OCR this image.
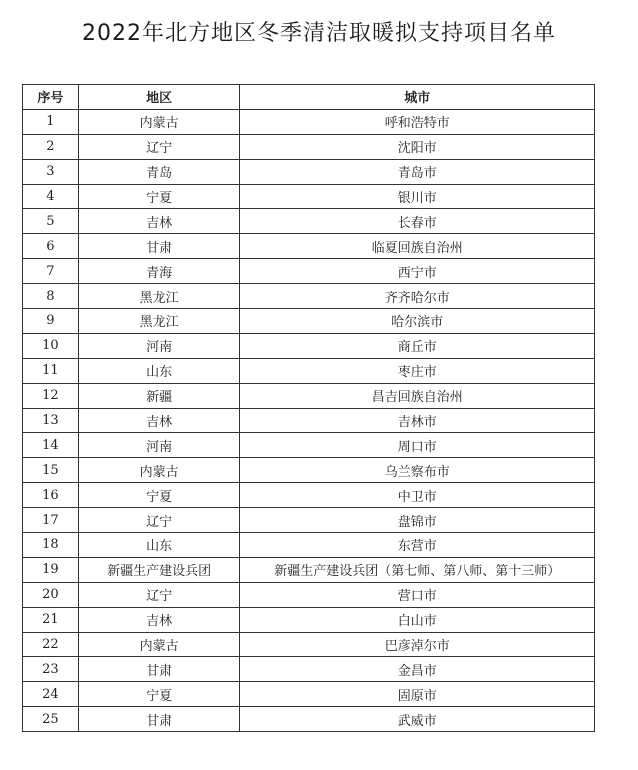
2022年北方地区冬季清洁取暖拟支持项目名单
序号	地区	城市
1	内蒙古	呼和浩特市
2	辽宁	沈阳市
3	青岛	青岛市
4	宁夏	银川市
5	吉林	长春市
6	甘肃	临夏回族自治州
7	青海	西宁市
8	黑龙江	齐齐哈尔市
9	黑龙江	哈尔滨市
10	河南	商丘市
11	山东	枣庄市
12	新疆	昌吉回族自治州
13	吉林	吉林市
14	河南	周口市
15	内蒙古	乌兰察布市
16	宁夏	中卫市
17	辽宁	盘锦市
18	山东	东营市
19	新疆生产建设兵团	新疆生产建设兵团（第七师、第八师、第十三师）
20	辽宁	营口市
21	吉林	白山市
22	内蒙古	巴彦淖尔市
23	甘肃	金昌市
24	宁夏	固原市
25	甘肃	武威市
